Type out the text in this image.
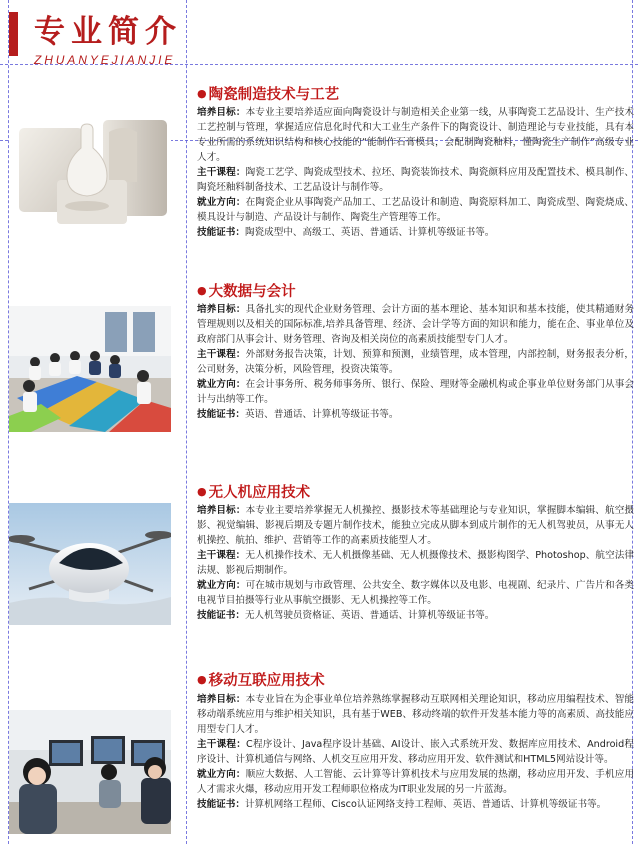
专业简介
ZHUANYEJIANJIE
● 陶瓷制造技术与工艺

培养目标：本专业主要培养适应面向陶瓷设计与制造相关企业第一线，从事陶瓷工艺品设计、生产技术工艺控制与管理，掌握适应信息化时代和大工业生产条件下的陶瓷设计、制造理论与专业技能，具有本专业所需的系统知识结构和核心技能的“能制作石膏模具，会配制陶瓷釉料，懂陶瓷生产制作”高级专业人才。

主干课程：陶瓷工艺学、陶瓷成型技术、拉坯、陶瓷装饰技术、陶瓷颜料应用及配置技术、模具制作、陶瓷坯釉料制备技术、工艺品设计与制作等。

就业方向：在陶瓷企业从事陶瓷产品加工、工艺品设计和制造、陶瓷原料加工、陶瓷成型、陶瓷烧成、模具设计与制造、产品设计与制作、陶瓷生产管理等工作。

技能证书：陶瓷成型中、高级工、英语、普通话、计算机等级证书等。

● 大数据与会计

培养目标：具备扎实的现代企业财务管理、会计方面的基本理论、基本知识和基本技能，使其精通财务管理规则以及相关的国际标准,培养具备管理、经济、会计学等方面的知识和能力，能在企、事业单位及政府部门从事会计、财务管理、咨询及相关岗位的高素质技能型专门人才。

主干课程：外部财务报告决策，计划、预算和预测，业绩管理，成本管理，内部控制，财务报表分析，公司财务，决策分析，风险管理，投资决策等。

就业方向：在会计事务所、税务师事务所、银行、保险、理财等金融机构或企事业单位财务部门从事会计与出纳等工作。

技能证书：英语、普通话、计算机等级证书等。

● 无人机应用技术

培养目标：本专业主要培养掌握无人机操控、摄影技术等基础理论与专业知识，掌握脚本编辑、航空摄影、视觉编辑、影视后期及专题片制作技术，能独立完成从脚本到成片制作的无人机驾驶员，从事无人机操控、航拍、维护、营销等工作的高素质技能型人才。

主干课程：无人机操作技术、无人机摄像基础、无人机摄像技术、摄影构图学、Photoshop、航空法律法规、影视后期制作。

就业方向：可在城市规划与市政管理、公共安全、数字媒体以及电影、电视剧、纪录片、广告片和各类电视节目拍摄等行业从事航空摄影、无人机操控等工作。

技能证书：无人机驾驶员资格证、英语、普通话、计算机等级证书等。

● 移动互联应用技术

培养目标：本专业旨在为企事业单位培养熟练掌握移动互联网相关理论知识，移动应用编程技术、智能移动端系统应用与维护相关知识，具有基于WEB、移动终端的软件开发基本能力等的高素质、高技能应用型专门人才。

主干课程：C程序设计、Java程序设计基础、AI设计、嵌入式系统开发、数据库应用技术、Android程序设计、计算机通信与网络、人机交互应用开发、移动应用开发、软件测试和HTML5网站设计等。

就业方向：顺应大数据、人工智能、云计算等计算机技术与应用发展的热潮，移动应用开发、手机应用人才需求火爆，移动应用开发工程师职位格成为IT职业发展的另一片蓝海。

技能证书：计算机网络工程师、Cisco认证网络支持工程师、英语、普通话、计算机等级证书等。
